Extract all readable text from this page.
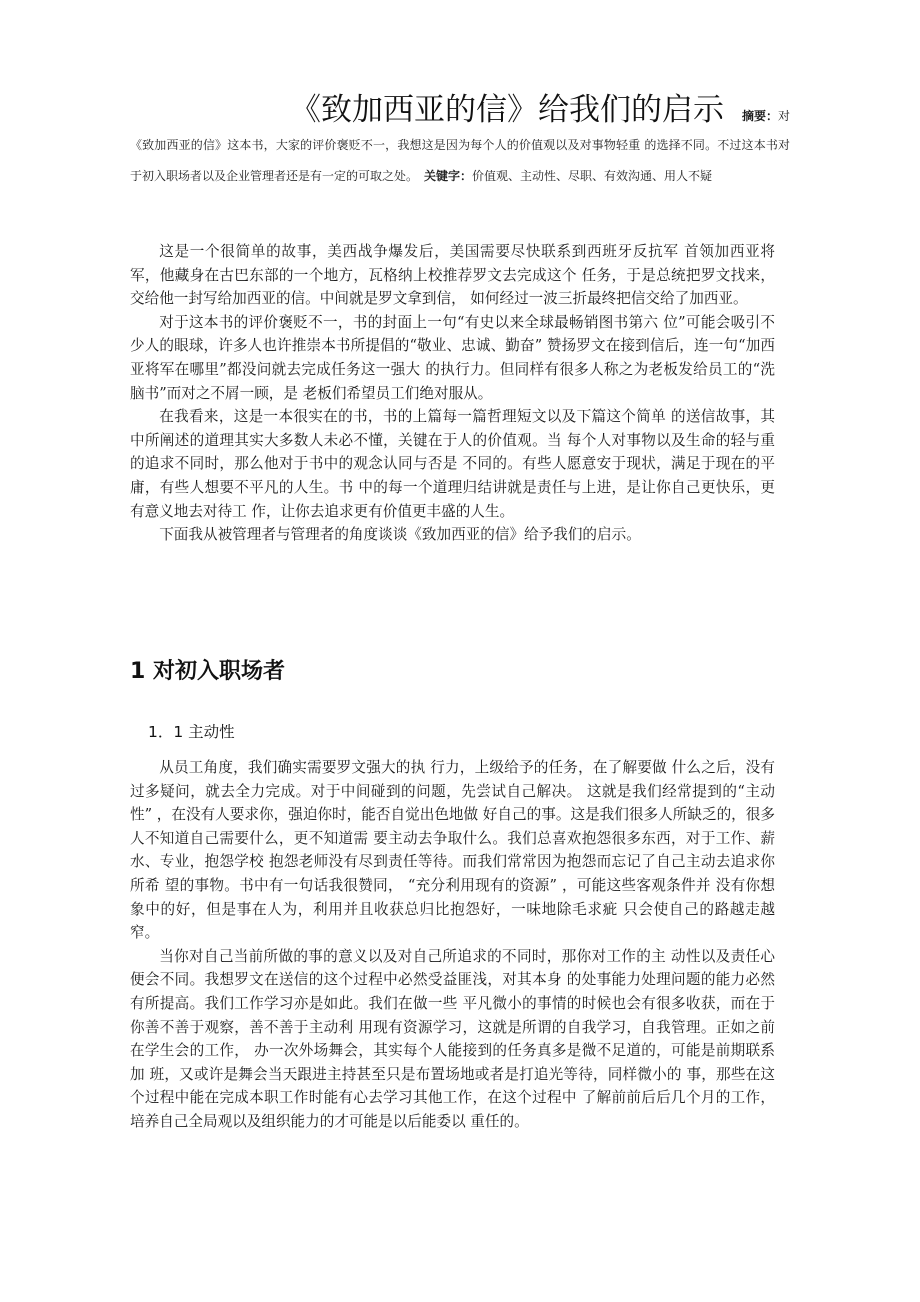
《致加西亚的信》给我们的启示 摘要：对
《致加西亚的信》这本书，大家的评价褒贬不一，我想这是因为每个人的价值观以及对事物轻重 的选择不同。不过这本书对于初入职场者以及企业管理者还是有一定的可取之处。 关键字：价值观、主动性、尽职、有效沟通、用人不疑

这是一个很简单的故事，美西战争爆发后，美国需要尽快联系到西班牙反抗军 首领加西亚将军，他藏身在古巴东部的一个地方，瓦格纳上校推荐罗文去完成这个 任务，于是总统把罗文找来，交给他一封写给加西亚的信。中间就是罗文拿到信， 如何经过一波三折最终把信交给了加西亚。

对于这本书的评价褒贬不一，书的封面上一句“有史以来全球最畅销图书第六 位”可能会吸引不少人的眼球，许多人也许推崇本书所提倡的“敬业、忠诚、勤奋” 赞扬罗文在接到信后，连一句“加西亚将军在哪里”都没问就去完成任务这一强大 的执行力。但同样有很多人称之为老板发给员工的“洗脑书”而对之不屑一顾，是 老板们希望员工们绝对服从。

在我看来，这是一本很实在的书，书的上篇每一篇哲理短文以及下篇这个简单 的送信故事，其中所阐述的道理其实大多数人未必不懂，关键在于人的价值观。当 每个人对事物以及生命的轻与重的追求不同时，那么他对于书中的观念认同与否是 不同的。有些人愿意安于现状，满足于现在的平庸，有些人想要不平凡的人生。书 中的每一个道理归结讲就是责任与上进，是让你自己更快乐，更有意义地去对待工 作，让你去追求更有价值更丰盛的人生。

下面我从被管理者与管理者的角度谈谈《致加西亚的信》给予我们的启示。

1 对初入职场者
1．1 主动性

从员工角度，我们确实需要罗文强大的执 行力，上级给予的任务，在了解要做 什么之后，没有过多疑问，就去全力完成。对于中间碰到的问题，先尝试自己解决。 这就是我们经常提到的“主动性” ，在没有人要求你，强迫你时，能否自觉出色地做 好自己的事。这是我们很多人所缺乏的，很多人不知道自己需要什么，更不知道需 要主动去争取什么。我们总喜欢抱怨很多东西，对于工作、薪水、专业，抱怨学校 抱怨老师没有尽到责任等待。而我们常常因为抱怨而忘记了自己主动去追求你所希 望的事物。书中有一句话我很赞同， “充分利用现有的资源” ，可能这些客观条件并 没有你想象中的好，但是事在人为，利用并且收获总归比抱怨好，一味地除毛求疵 只会使自己的路越走越窄。

当你对自己当前所做的事的意义以及对自己所追求的不同时，那你对工作的主 动性以及责任心便会不同。我想罗文在送信的这个过程中必然受益匪浅，对其本身 的处事能力处理问题的能力必然有所提高。我们工作学习亦是如此。我们在做一些 平凡微小的事情的时候也会有很多收获，而在于你善不善于观察，善不善于主动利 用现有资源学习，这就是所谓的自我学习，自我管理。正如之前在学生会的工作， 办一次外场舞会，其实每个人能接到的任务真多是微不足道的，可能是前期联系加 班，又或许是舞会当天跟进主持甚至只是布置场地或者是打追光等待，同样微小的 事，那些在这个过程中能在完成本职工作时能有心去学习其他工作，在这个过程中 了解前前后后几个月的工作，培养自己全局观以及组织能力的才可能是以后能委以 重任的。
